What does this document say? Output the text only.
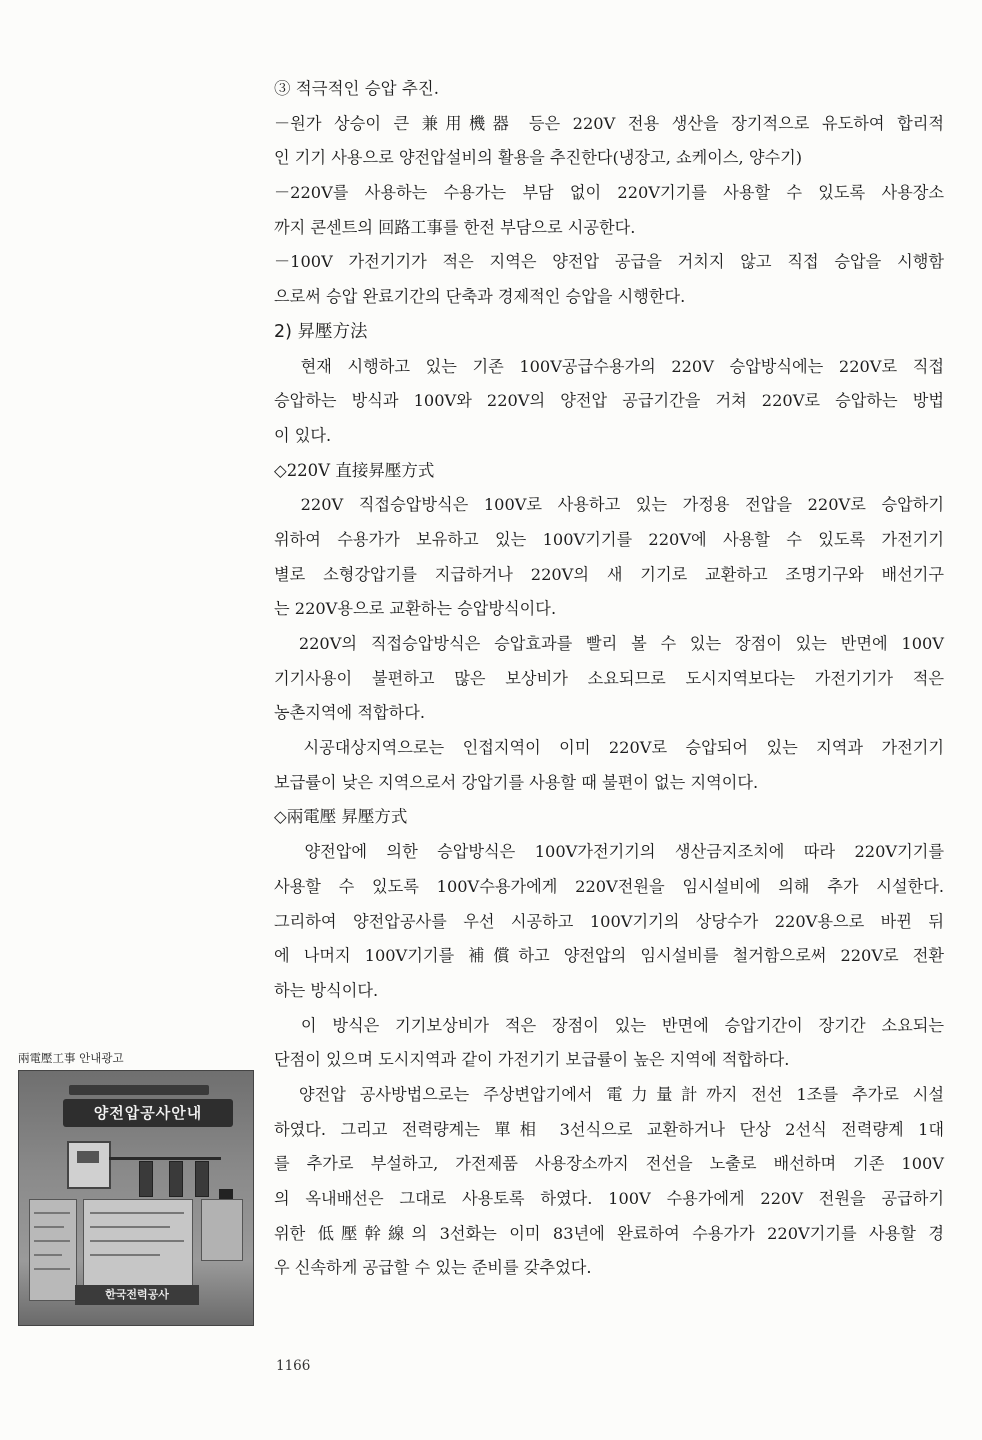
③ 적극적인 승압 추진.
－원가 상승이 큰 兼用機器 등은 220V 전용 생산을 장기적으로 유도하여 합리적
인 기기 사용으로 양전압설비의 활용을 추진한다(냉장고, 쇼케이스, 양수기)
－220V를 사용하는 수용가는 부담 없이 220V기기를 사용할 수 있도록 사용장소
까지 콘센트의 回路工事를 한전 부담으로 시공한다.
－100V 가전기기가 적은 지역은 양전압 공급을 거치지 않고 직접 승압을 시행함
으로써 승압 완료기간의 단축과 경제적인 승압을 시행한다.
2) 昇壓方法
　현재 시행하고 있는 기존 100V공급수용가의 220V 승압방식에는 220V로 직접
승압하는 방식과 100V와 220V의 양전압 공급기간을 거쳐 220V로 승압하는 방법
이 있다.
◇220V 直接昇壓方式
　220V 직접승압방식은 100V로 사용하고 있는 가정용 전압을 220V로 승압하기
위하여 수용가가 보유하고 있는 100V기기를 220V에 사용할 수 있도록 가전기기
별로 소형강압기를 지급하거나 220V의 새 기기로 교환하고 조명기구와 배선기구
는 220V용으로 교환하는 승압방식이다.
　220V의 직접승압방식은 승압효과를 빨리 볼 수 있는 장점이 있는 반면에 100V
기기사용이 불편하고 많은 보상비가 소요되므로 도시지역보다는 가전기기가 적은
농촌지역에 적합하다.
　시공대상지역으로는 인접지역이 이미 220V로 승압되어 있는 지역과 가전기기
보급률이 낮은 지역으로서 강압기를 사용할 때 불편이 없는 지역이다.
◇兩電壓 昇壓方式
　양전압에 의한 승압방식은 100V가전기기의 생산금지조치에 따라 220V기기를
사용할 수 있도록 100V수용가에게 220V전원을 임시설비에 의해 추가 시설한다.
그리하여 양전압공사를 우선 시공하고 100V기기의 상당수가 220V용으로 바뀐 뒤
에 나머지 100V기기를 補償하고 양전압의 임시설비를 철거함으로써 220V로 전환
하는 방식이다.
　이 방식은 기기보상비가 적은 장점이 있는 반면에 승압기간이 장기간 소요되는
단점이 있으며 도시지역과 같이 가전기기 보급률이 높은 지역에 적합하다.
　양전압 공사방법으로는 주상변압기에서 電力量計까지 전선 1조를 추가로 시설
하였다. 그리고 전력량계는 單相 3선식으로 교환하거나 단상 2선식 전력량계 1대
를 추가로 부설하고, 가전제품 사용장소까지 전선을 노출로 배선하며 기존 100V
의 옥내배선은 그대로 사용토록 하였다. 100V 수용가에게 220V 전원을 공급하기
위한 低壓幹線의 3선화는 이미 83년에 완료하여 수용가가 220V기기를 사용할 경
우 신속하게 공급할 수 있는 준비를 갖추었다.
兩電壓工事 안내광고
양전압공사안내
한국전력공사
1166
